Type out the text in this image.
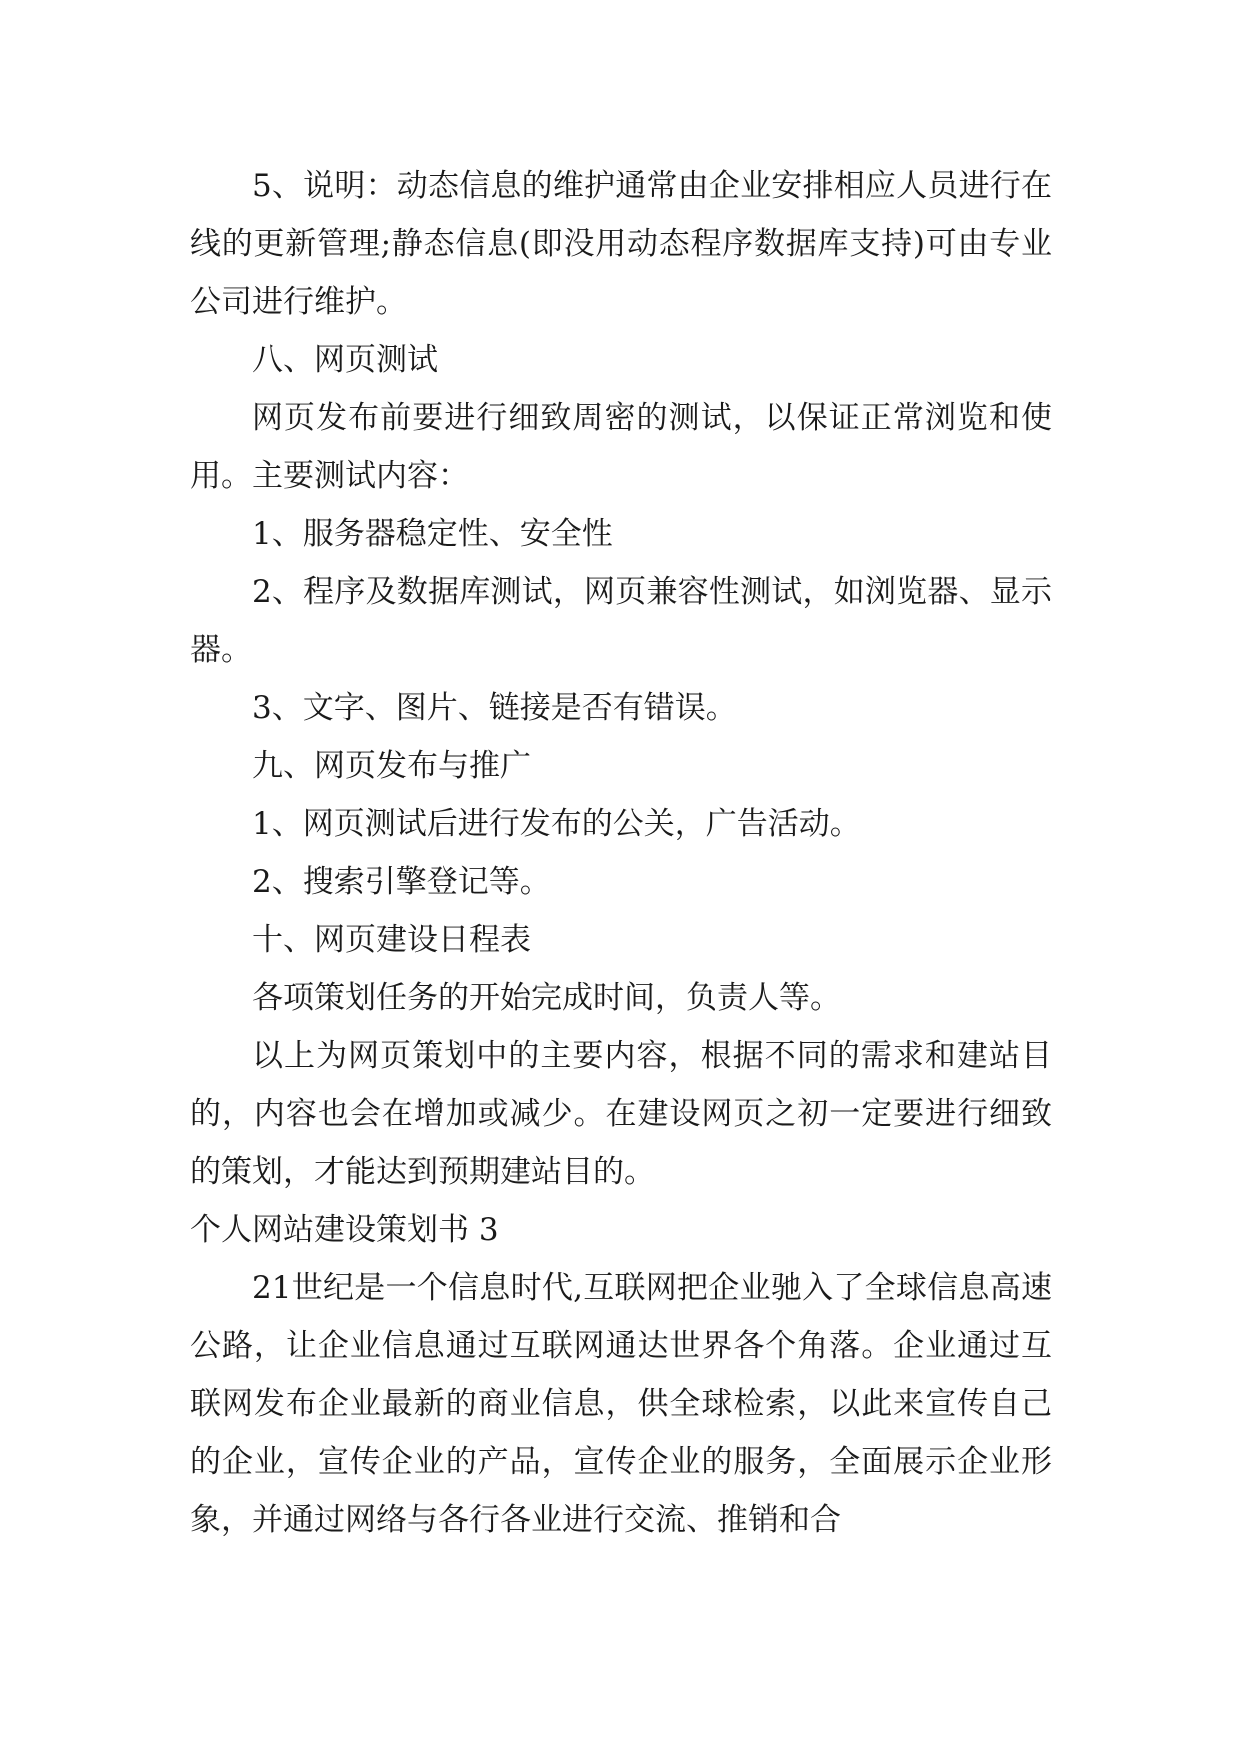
5、说明：动态信息的维护通常由企业安排相应人员进行在线的更新管理;静态信息(即没用动态程序数据库支持)可由专业公司进行维护。

八、网页测试

网页发布前要进行细致周密的测试，以保证正常浏览和使用。主要测试内容：

1、服务器稳定性、安全性

2、程序及数据库测试，网页兼容性测试，如浏览器、显示器。

3、文字、图片、链接是否有错误。

九、网页发布与推广

1、网页测试后进行发布的公关，广告活动。

2、搜索引擎登记等。

十、网页建设日程表

各项策划任务的开始完成时间，负责人等。

以上为网页策划中的主要内容，根据不同的需求和建站目的，内容也会在增加或减少。在建设网页之初一定要进行细致的策划，才能达到预期建站目的。

个人网站建设策划书 3

21世纪是一个信息时代,互联网把企业驰入了全球信息高速公路，让企业信息通过互联网通达世界各个角落。企业通过互联网发布企业最新的商业信息，供全球检索，以此来宣传自己的企业，宣传企业的产品，宣传企业的服务，全面展示企业形象，并通过网络与各行各业进行交流、推销和合
